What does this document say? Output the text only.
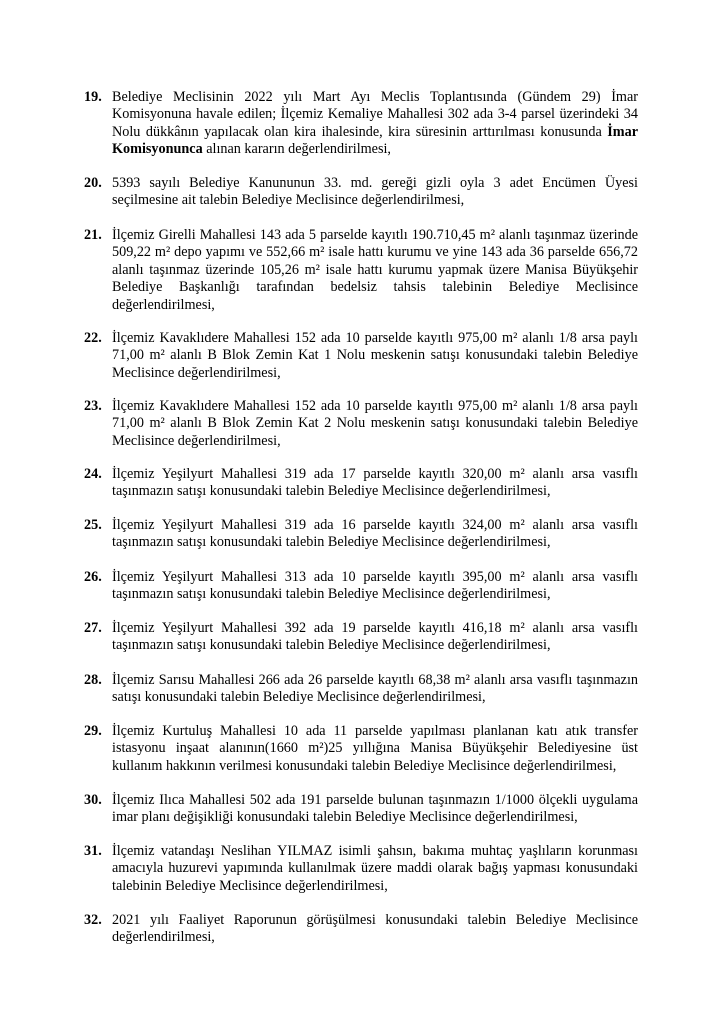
19. Belediye Meclisinin 2022 yılı Mart Ayı Meclis Toplantısında (Gündem 29) İmar Komisyonuna havale edilen; İlçemiz Kemaliye Mahallesi 302 ada 3-4 parsel üzerindeki 34 Nolu dükkânın yapılacak olan kira ihalesinde, kira süresinin arttırılması konusunda İmar Komisyonunca alınan kararın değerlendirilmesi,
20. 5393 sayılı Belediye Kanununun 33. md. gereği gizli oyla 3 adet Encümen Üyesi seçilmesine ait talebin Belediye Meclisince değerlendirilmesi,
21. İlçemiz Girelli Mahallesi 143 ada 5 parselde kayıtlı 190.710,45 m² alanlı taşınmaz üzerinde 509,22 m² depo yapımı ve 552,66 m² isale hattı kurumu ve yine 143 ada 36 parselde 656,72 alanlı taşınmaz üzerinde 105,26 m² isale hattı kurumu yapmak üzere Manisa Büyükşehir Belediye Başkanlığı tarafından bedelsiz tahsis talebinin Belediye Meclisince değerlendirilmesi,
22. İlçemiz Kavaklıdere Mahallesi 152 ada 10 parselde kayıtlı 975,00 m² alanlı 1/8 arsa paylı 71,00 m² alanlı B Blok Zemin Kat 1 Nolu meskenin satışı konusundaki talebin Belediye Meclisince değerlendirilmesi,
23. İlçemiz Kavaklıdere Mahallesi 152 ada 10 parselde kayıtlı 975,00 m² alanlı 1/8 arsa paylı 71,00 m² alanlı B Blok Zemin Kat 2 Nolu meskenin satışı konusundaki talebin Belediye Meclisince değerlendirilmesi,
24. İlçemiz Yeşilyurt Mahallesi 319 ada 17 parselde kayıtlı 320,00 m² alanlı arsa vasıflı taşınmazın satışı konusundaki talebin Belediye Meclisince değerlendirilmesi,
25. İlçemiz Yeşilyurt Mahallesi 319 ada 16 parselde kayıtlı 324,00 m² alanlı arsa vasıflı taşınmazın satışı konusundaki talebin Belediye Meclisince değerlendirilmesi,
26. İlçemiz Yeşilyurt Mahallesi 313 ada 10 parselde kayıtlı 395,00 m² alanlı arsa vasıflı taşınmazın satışı konusundaki talebin Belediye Meclisince değerlendirilmesi,
27. İlçemiz Yeşilyurt Mahallesi 392 ada 19 parselde kayıtlı 416,18 m² alanlı arsa vasıflı taşınmazın satışı konusundaki talebin Belediye Meclisince değerlendirilmesi,
28. İlçemiz Sarısu Mahallesi 266 ada 26 parselde kayıtlı 68,38 m² alanlı arsa vasıflı taşınmazın satışı konusundaki talebin Belediye Meclisince değerlendirilmesi,
29. İlçemiz Kurtuluş Mahallesi 10 ada 11 parselde yapılması planlanan katı atık transfer istasyonu inşaat alanının(1660 m²)25 yıllığına Manisa Büyükşehir Belediyesine üst kullanım hakkının verilmesi konusundaki talebin Belediye Meclisince değerlendirilmesi,
30. İlçemiz Ilıca Mahallesi 502 ada 191 parselde bulunan taşınmazın 1/1000 ölçekli uygulama imar planı değişikliği konusundaki talebin Belediye Meclisince değerlendirilmesi,
31. İlçemiz vatandaşı Neslihan YILMAZ isimli şahsın, bakıma muhtaç yaşlıların korunması amacıyla huzurevi yapımında kullanılmak üzere maddi olarak bağış yapması konusundaki talebinin Belediye Meclisince değerlendirilmesi,
32. 2021 yılı Faaliyet Raporunun görüşülmesi konusundaki talebin Belediye Meclisince değerlendirilmesi,
